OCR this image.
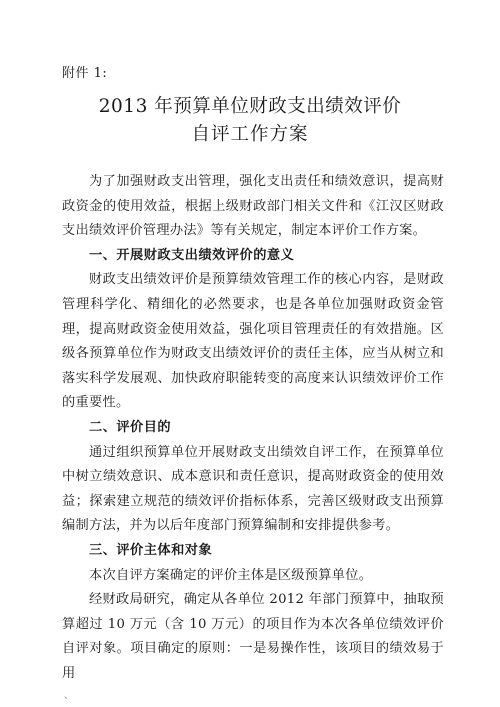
附件 1:
2013 年预算单位财政支出绩效评价
自评工作方案

为了加强财政支出管理，强化支出责任和绩效意识，提高财政资金的使用效益，根据上级财政部门相关文件和《江汉区财政支出绩效评价管理办法》等有关规定，制定本评价工作方案。

一、开展财政支出绩效评价的意义

财政支出绩效评价是预算绩效管理工作的核心内容，是财政管理科学化、精细化的必然要求，也是各单位加强财政资金管理，提高财政资金使用效益，强化项目管理责任的有效措施。区级各预算单位作为财政支出绩效评价的责任主体，应当从树立和落实科学发展观、加快政府职能转变的高度来认识绩效评价工作的重要性。

二、评价目的

通过组织预算单位开展财政支出绩效自评工作，在预算单位中树立绩效意识、成本意识和责任意识，提高财政资金的使用效益；探索建立规范的绩效评价指标体系，完善区级财政支出预算编制方法，并为以后年度部门预算编制和安排提供参考。

三、评价主体和对象

本次自评方案确定的评价主体是区级预算单位。

经财政局研究，确定从各单位 2012 年部门预算中，抽取预算超过 10 万元（含 10 万元）的项目作为本次各单位绩效评价自评对象。项目确定的原则：一是易操作性，该项目的绩效易于用

、
